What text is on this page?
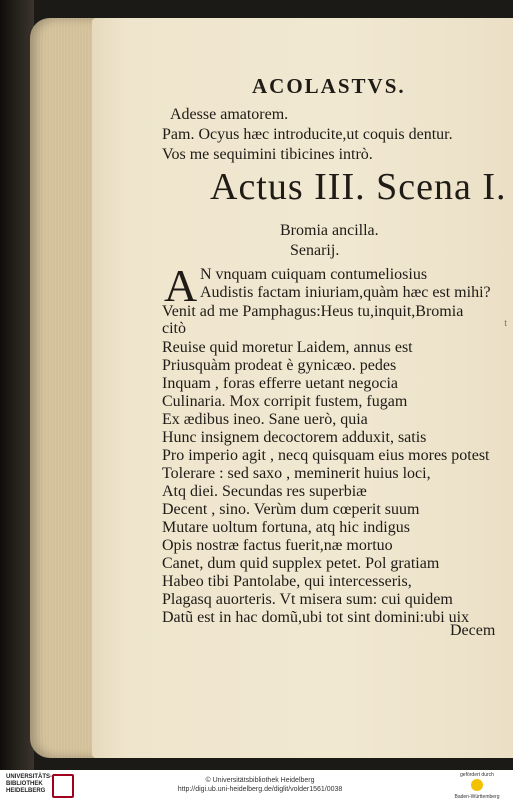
ACOLASTVS.
Adesse amatorem.
Pam. Ocyus hæc introducite,ut coquis dentur.
Vos me sequimini tibicines intrò.
Actus III. Scena I.
Bromia ancilla.
Senarij.
A N vnquam cuiquam contumeliosius
Audistis factam iniuriam,quàm hæc est mihi?
Venit ad me Pamphagus:Heus tu,inquit,Bromia
citò
Reuise quid moretur Laidem, annus est
Priusquàm prodeat è gynicæo. pedes
Inquam , foras efferre uetant negocia
Culinaria. Mox corripit fustem, fugam
Ex ædibus ineo. Sane uerò, quia
Hunc insignem decoctorem adduxit, satis
Pro imperio agit , necq quisquam eius mores potest
Tolerare : sed saxo , meminerit huius loci,
Atq diei. Secundas res superbiæ
Decent , sino. Verùm dum cœperit suum
Mutare uoltum fortuna, atq hic indigus
Opis nostræ factus fuerit,næ mortuo
Canet, dum quid supplex petet. Pol gratiam
Habeo tibi Pantolabe, qui intercesseris,
Plagasq auorteris. Vt misera sum: cui quidem
Datũ est in hac domũ,ubi tot sint domini:ubi uix
Decem
t
UNIVERSITÄTS-
BIBLIOTHEK
HEIDELBERG
© Universitätsbibliothek Heidelberg
http://digi.ub.uni-heidelberg.de/diglit/volder1561/0038
gefördert durch
Baden-Württemberg
